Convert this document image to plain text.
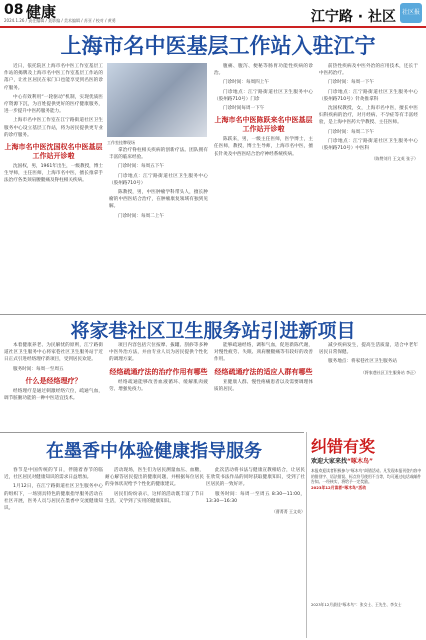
08 健康
2024.1.26 / 责任编辑 / 聂影编 / 美术编辑 / 苏亚 / 校对 / 黄勇	江宁路 · 社区 社区报
上海市名中医基层工作站入驻江宁

近日，依托院区上海市名中医工作室基层工作站的揭牌及上海市名中医工作室基层工作站的落户，让社区居民在家门口也能享受到名医的诊疗服务。

中心有效利用“一轮驱动”机制，实现优质医疗资源下沉，为百姓提供更好的医疗健康服务，进一步提升中医药服务能力。

上海市名中医工作室在江宁路街道社区卫生服务中心设立基层工作站，将为居民提供更专业的诊疗服务。

上海市名中医沈国权名中医基层工作站开诊啦

沈国权，男，1961年出生，一级教授，博士生导师，主任医师，上海市名中医，擅长推拿手法治疗各类颈肩腰腿痛及脊柱相关疾病。

工作室挂牌现场

拿治疗脊柱相关疾病的创新疗法。团队拥有丰富的临床经验。

门诊时间：每周五下午

门诊地点：江宁路街道社区卫生服务中心（胶州路710号）

陈教授，男，中医肿瘤学科带头人，擅长肿瘤的中西医结合治疗，在肿瘤康复领域有独到见解。

门诊时间：每周二上午

腹痛、腹泻、便秘等肠胃功能性疾病的诊治。

门诊时间：每周四上午

门诊地点：江宁路街道社区卫生服务中心（胶州路710号）门诊

门诊时间每周一下午

上海市名中医陈跃来名中医基层工作站开诊啦

陈跃来，男，一级主任医师，医学博士，主任医师，教授，博士生导师，上海市名中医，擅长针灸及中西医结合治疗神经系统疾病。

前热性疾病及中医外治的应用技术，还长于中医药治疗。

门诊时间：每周一下午

门诊地点：江宁路街道社区卫生服务中心（胶州路710号）针灸推拿科

沈国权教授，女，上海市名中医，擅长中医妇科疾病的治疗，对月经病、不孕症等有丰富经验，是上海中医药大学教授、主任医师。

门诊时间：每周二下午

门诊地点：江宁路街道社区卫生服务中心（胶州路710号）中医科

（陈赞刘月 王文英 张子）
将家巷社区卫生服务站引进新项目

本着健康养老、为民解忧的原则，江宁路街道社区卫生服务中心将家巷社区卫生服务站于近日正式引进经络理疗新项目，受到居民欢迎。

服务时间：每周一至周五

什么是经络理疗？

经络理疗是通过刺激经络穴位，疏通气血，调节脏腑功能的一种中医适宜技术。

项目内容包括穴位按摩、拔罐、刮痧等多种中医外治方法，并由专业人员为居民提供个性化的调理方案。

经络疏通疗法的治疗作用有哪些

经络疏通能够改善血液循环、缓解肌肉疲劳、增强免疫力。

能够疏通经络，调和气血，促进新陈代谢，对慢性疲劳、失眠、颈肩腰腿痛等有较好的改善作用。

经络疏通疗法的适应人群有哪些

亚健康人群、慢性疼痛患者以及需要调理体质的居民。

减少疾病发生，提高生活质量，适合中老年居民日常保健。

服务地点：将家巷社区卫生服务站

（将家巷社区卫生服务站 李正）
在墨香中体验健康指导服务

春节是中国传统的节日，伴随着春节的临近，社区居民对健康知识的需求日益增加。

1月12日，在江宁路街道社区卫生服务中心的组织下，一场别具特色的健康指导服务活动在社区开展，医务人员与居民在墨香中交流健康知识。

活动现场，医生们为居民测量血压、血糖，耐心解答居民提出的健康问题，并根据每位居民的身体状况给予个性化的健康建议。

居民们纷纷表示，这样的活动既丰富了节日生活，又学到了实用的健康知识。

此次活动将书法与健康宣教相结合，让居民在欣赏书法作品的同时获取健康知识，受到了社区居民的一致好评。

服务时间：每周一至周五 8:30—11:00，13:30—16:30

（曹菁菁 王文英）
纠错有奖
欢迎大家来找“啄木鸟”
本报欢迎读者积极参与“啄木鸟”纠错活动。凡发现本报刊登内容中的错别字、语法错误、标点符号使用不当等，均可通过电话或邮件告知。一经核实，将给予一定奖励。
2023年12月读者“啄木鸟”活动
2023年12月最佳“啄木鸟”：张女士、王先生、李女士
